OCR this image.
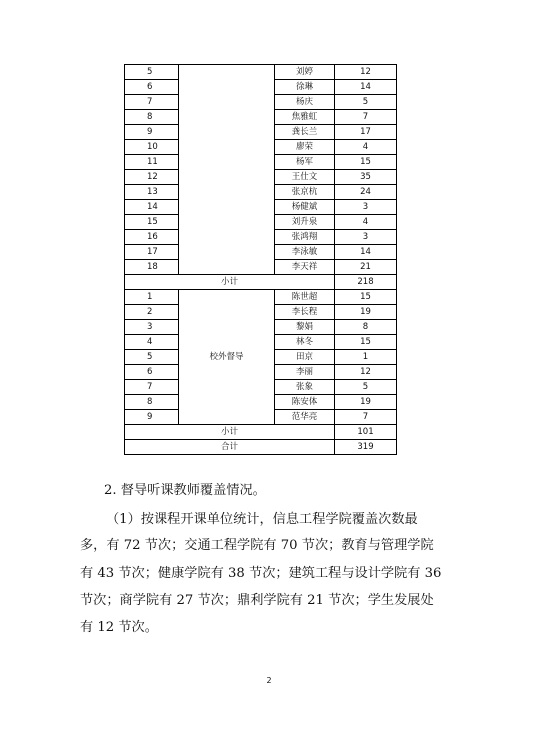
5		刘婷	12
6		徐琳	14
7		杨庆	5
8		焦雅虹	7
9		龚长兰	17
10		廖荣	4
11		杨军	15
12		王仕文	35
13		张京杭	24
14		杨健斌	3
15		刘升泉	4
16		张鸿翔	3
17		李泳敏	14
18		李天祥	21
小计			218
1	校外督导	陈世超	15
2		李长程	19
3		黎娟	8
4		林冬	15
5		田京	1
6		李丽	12
7		张象	5
8		陈安体	19
9		范华亮	7
小计			101
合计			319
2. 督导听课教师覆盖情况。
（1）按课程开课单位统计，信息工程学院覆盖次数最
多，有 72 节次；交通工程学院有 70 节次；教育与管理学院
有 43 节次；健康学院有 38 节次；建筑工程与设计学院有 36
节次；商学院有 27 节次；鼎利学院有 21 节次；学生发展处
有 12 节次。
2
